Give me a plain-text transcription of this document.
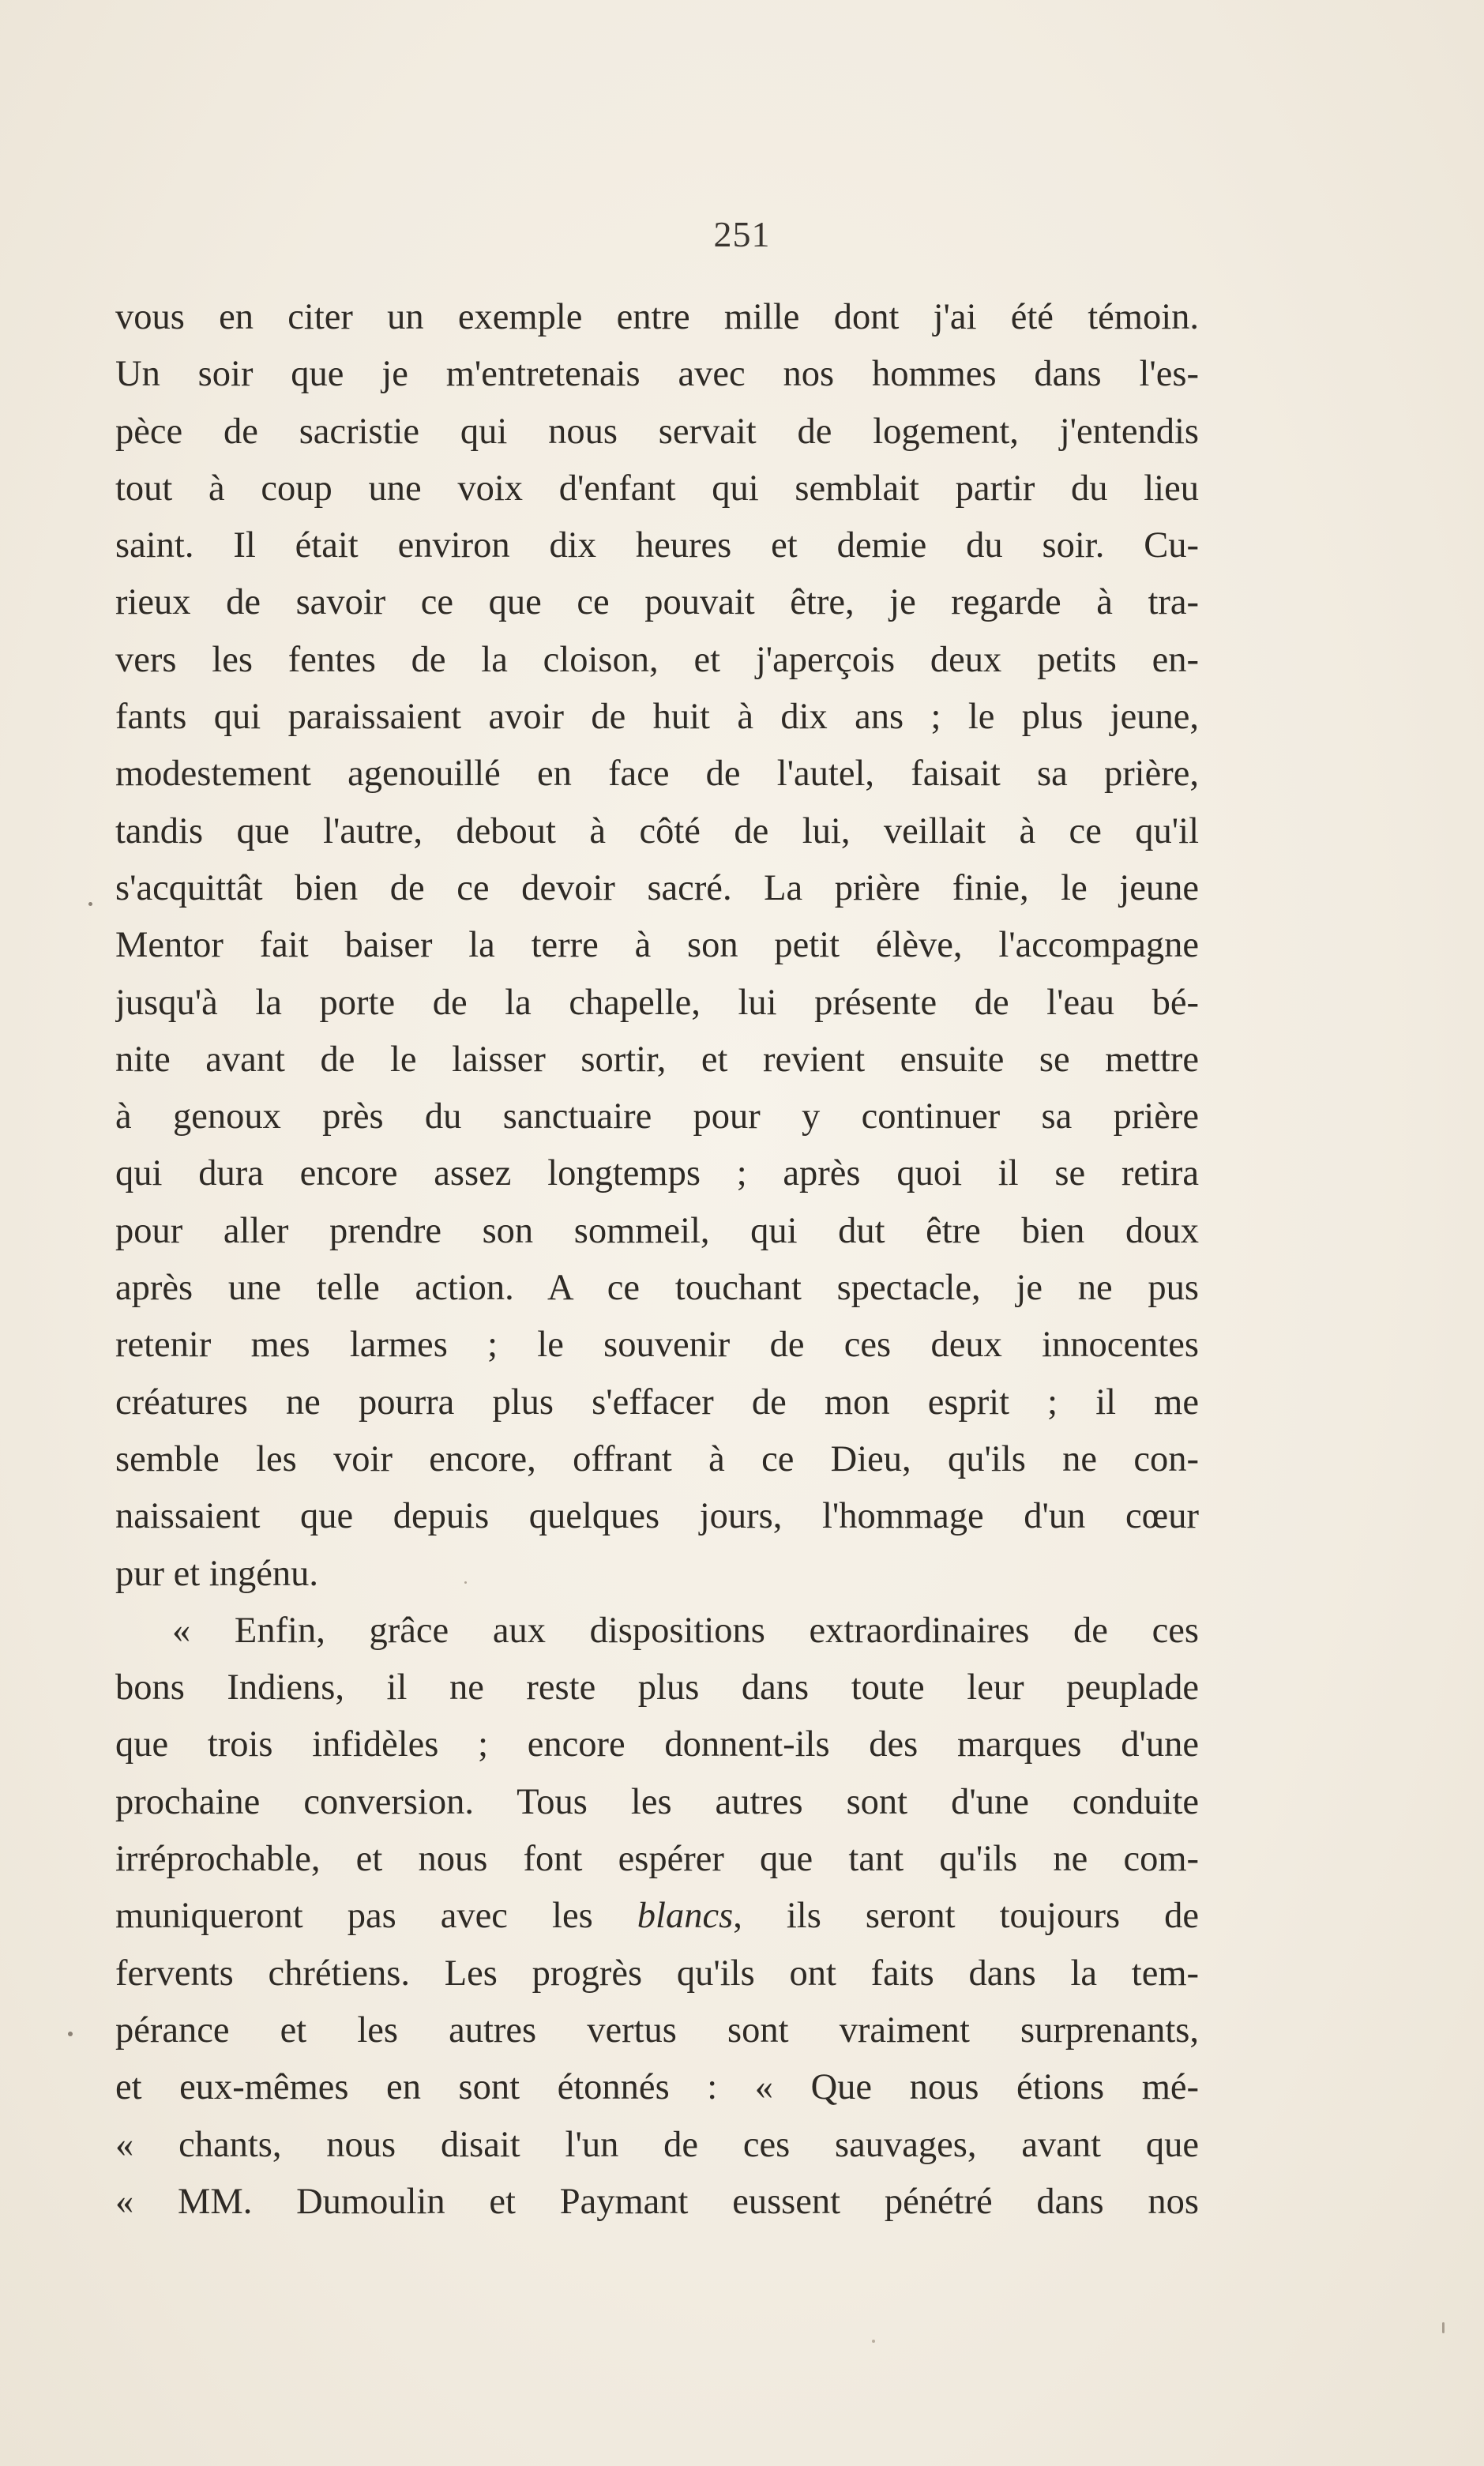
251
vous en citer un exemple entre mille dont j'ai été témoin.
Un soir que je m'entretenais avec nos hommes dans l'es-
pèce de sacristie qui nous servait de logement, j'entendis
tout à coup une voix d'enfant qui semblait partir du lieu
saint. Il était environ dix heures et demie du soir. Cu-
rieux de savoir ce que ce pouvait être, je regarde à tra-
vers les fentes de la cloison, et j'aperçois deux petits en-
fants qui paraissaient avoir de huit à dix ans ; le plus jeune,
modestement agenouillé en face de l'autel, faisait sa prière,
tandis que l'autre, debout à côté de lui, veillait à ce qu'il
s'acquittât bien de ce devoir sacré. La prière finie, le jeune
Mentor fait baiser la terre à son petit élève, l'accompagne
jusqu'à la porte de la chapelle, lui présente de l'eau bé-
nite avant de le laisser sortir, et revient ensuite se mettre
à genoux près du sanctuaire pour y continuer sa prière
qui dura encore assez longtemps ; après quoi il se retira
pour aller prendre son sommeil, qui dut être bien doux
après une telle action. A ce touchant spectacle, je ne pus
retenir mes larmes ; le souvenir de ces deux innocentes
créatures ne pourra plus s'effacer de mon esprit ; il me
semble les voir encore, offrant à ce Dieu, qu'ils ne con-
naissaient que depuis quelques jours, l'hommage d'un cœur
pur et ingénu.
« Enfin, grâce aux dispositions extraordinaires de ces
bons Indiens, il ne reste plus dans toute leur peuplade
que trois infidèles ; encore donnent-ils des marques d'une
prochaine conversion. Tous les autres sont d'une conduite
irréprochable, et nous font espérer que tant qu'ils ne com-
muniqueront pas avec les blancs, ils seront toujours de
fervents chrétiens. Les progrès qu'ils ont faits dans la tem-
pérance et les autres vertus sont vraiment surprenants,
et eux-mêmes en sont étonnés : « Que nous étions mé-
« chants, nous disait l'un de ces sauvages, avant que
« MM. Dumoulin et Paymant eussent pénétré dans nos
